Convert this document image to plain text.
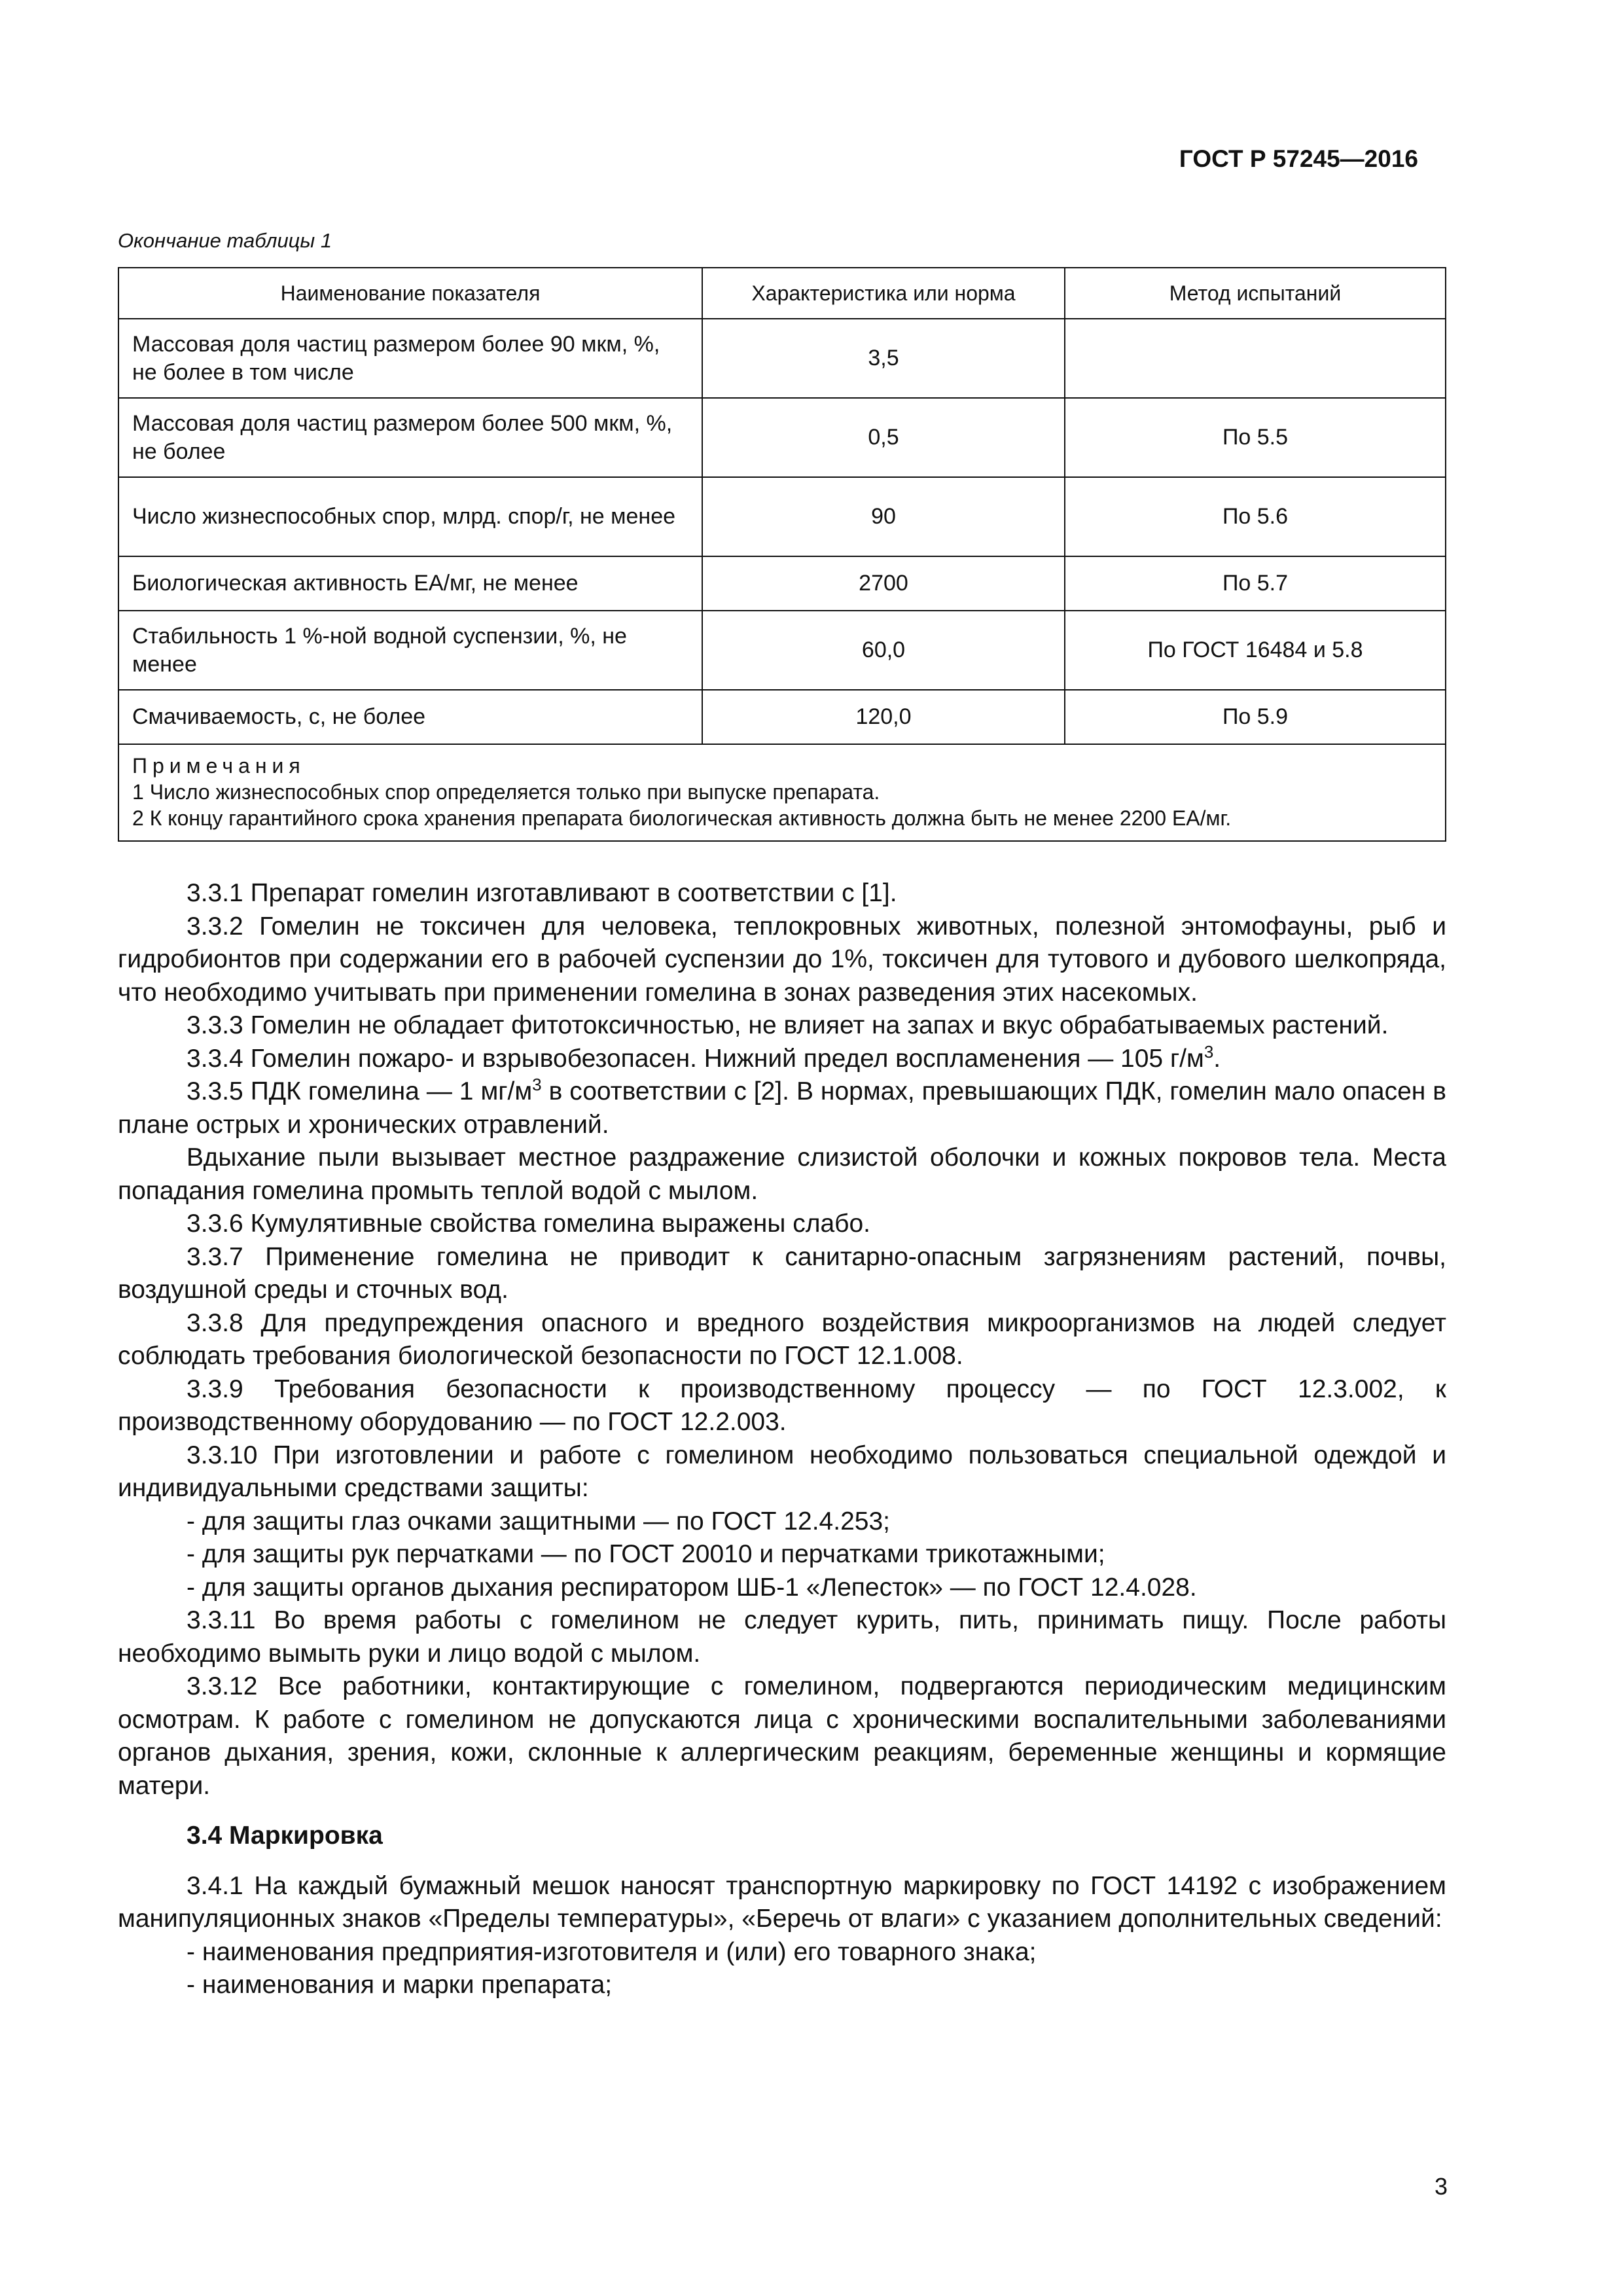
ГОСТ Р 57245—2016
Окончание таблицы 1
Наименование показателя	Характеристика или норма	Метод испытаний
Массовая доля частиц размером более 90 мкм, %, не более в том числе	3,5	
Массовая доля частиц размером более 500 мкм, %, не более	0,5	По 5.5
Число жизнеспособных спор, млрд. спор/г, не менее	90	По 5.6
Биологическая активность ЕА/мг, не менее	2700	По 5.7
Стабильность 1 %-ной водной суспензии, %, не менее	60,0	По ГОСТ 16484 и 5.8
Смачиваемость, с, не более	120,0	По 5.9

Примечания
1 Число жизнеспособных спор определяется только при выпуске препарата.
2 К концу гарантийного срока хранения препарата биологическая активность должна быть не менее 2200 ЕА/мг.		

3.3.1 Препарат гомелин изготавливают в соответствии с [1].

3.3.2 Гомелин не токсичен для человека, теплокровных животных, полезной энтомофауны, рыб и гидробионтов при содержании его в рабочей суспензии до 1%, токсичен для тутового и дубового шелкопряда, что необходимо учитывать при применении гомелина в зонах разведения этих насекомых.

3.3.3 Гомелин не обладает фитотоксичностью, не влияет на запах и вкус обрабатываемых растений.

3.3.4 Гомелин пожаро- и взрывобезопасен. Нижний предел воспламенения — 105 $г/м^3$.

3.3.5 ПДК гомелина — 1 $мг/м^3$ в соответствии с [2]. В нормах, превышающих ПДК, гомелин мало опасен в плане острых и хронических отравлений.

Вдыхание пыли вызывает местное раздражение слизистой оболочки и кожных покровов тела. Места попадания гомелина промыть теплой водой с мылом.

3.3.6 Кумулятивные свойства гомелина выражены слабо.

3.3.7 Применение гомелина не приводит к санитарно-опасным загрязнениям растений, почвы, воздушной среды и сточных вод.

3.3.8 Для предупреждения опасного и вредного воздействия микроорганизмов на людей следует соблюдать требования биологической безопасности по ГОСТ 12.1.008.

3.3.9 Требования безопасности к производственному процессу — по ГОСТ 12.3.002, к производственному оборудованию — по ГОСТ 12.2.003.

3.3.10 При изготовлении и работе с гомелином необходимо пользоваться специальной одеждой и индивидуальными средствами защиты:

- для защиты глаз очками защитными — по ГОСТ 12.4.253;

- для защиты рук перчатками — по ГОСТ 20010 и перчатками трикотажными;

- для защиты органов дыхания респиратором ШБ-1 «Лепесток» — по ГОСТ 12.4.028.

3.3.11 Во время работы с гомелином не следует курить, пить, принимать пищу. После работы необходимо вымыть руки и лицо водой с мылом.

3.3.12 Все работники, контактирующие с гомелином, подвергаются периодическим медицинским осмотрам. К работе с гомелином не допускаются лица с хроническими воспалительными заболеваниями органов дыхания, зрения, кожи, склонные к аллергическим реакциям, беременные женщины и кормящие матери.

3.4 Маркировка

3.4.1 На каждый бумажный мешок наносят транспортную маркировку по ГОСТ 14192 с изображением манипуляционных знаков «Пределы температуры», «Беречь от влаги» с указанием дополнительных сведений:

- наименования предприятия-изготовителя и (или) его товарного знака;

- наименования и марки препарата;

3
